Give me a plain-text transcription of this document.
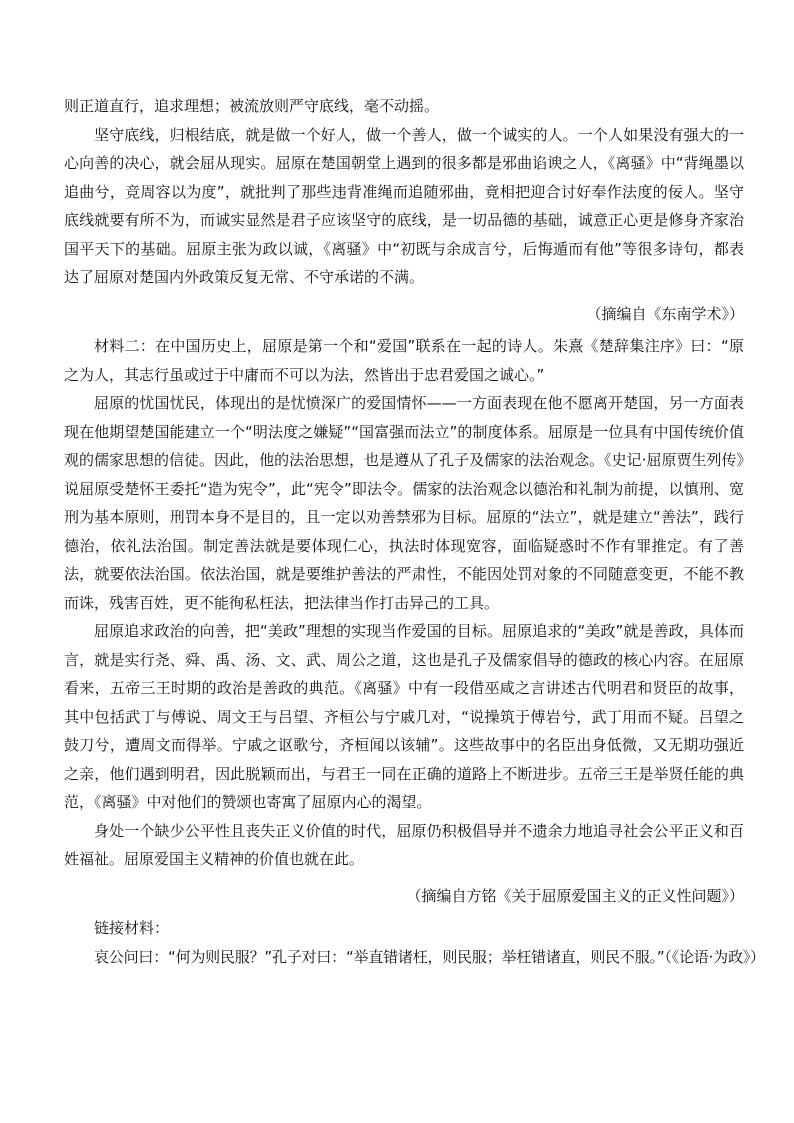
则正道直行，追求理想；被流放则严守底线，毫不动摇。

坚守底线，归根结底，就是做一个好人，做一个善人，做一个诚实的人。一个人如果没有强大的一心向善的决心，就会屈从现实。屈原在楚国朝堂上遇到的很多都是邪曲谄谀之人，《离骚》中“背绳墨以追曲兮，竞周容以为度”，就批判了那些违背准绳而追随邪曲，竟相把迎合讨好奉作法度的佞人。坚守底线就要有所不为，而诚实显然是君子应该坚守的底线，是一切品德的基础，诚意正心更是修身齐家治国平天下的基础。屈原主张为政以诚，《离骚》中“初既与余成言兮，后悔遁而有他”等很多诗句，都表达了屈原对楚国内外政策反复无常、不守承诺的不满。

（摘编自《东南学术》）

材料二：在中国历史上，屈原是第一个和“爱国”联系在一起的诗人。朱熹《楚辞集注序》曰：“原之为人，其志行虽或过于中庸而不可以为法，然皆出于忠君爱国之诚心。”

屈原的忧国忧民，体现出的是忧愤深广的爱国情怀——一方面表现在他不愿离开楚国，另一方面表现在他期望楚国能建立一个“明法度之嫌疑”“国富强而法立”的制度体系。屈原是一位具有中国传统价值观的儒家思想的信徒。因此，他的法治思想，也是遵从了孔子及儒家的法治观念。《史记·屈原贾生列传》说屈原受楚怀王委托“造为宪令”，此“宪令”即法令。儒家的法治观念以德治和礼制为前提，以慎刑、宽刑为基本原则，刑罚本身不是目的，且一定以劝善禁邪为目标。屈原的“法立”，就是建立“善法”，践行德治，依礼法治国。制定善法就是要体现仁心，执法时体现宽容，面临疑惑时不作有罪推定。有了善法，就要依法治国。依法治国，就是要维护善法的严肃性，不能因处罚对象的不同随意变更，不能不教而诛，残害百姓，更不能徇私枉法，把法律当作打击异己的工具。

屈原追求政治的向善，把“美政”理想的实现当作爱国的目标。屈原追求的“美政”就是善政，具体而言，就是实行尧、舜、禹、汤、文、武、周公之道，这也是孔子及儒家倡导的德政的核心内容。在屈原看来，五帝三王时期的政治是善政的典范。《离骚》中有一段借巫咸之言讲述古代明君和贤臣的故事，其中包括武丁与傅说、周文王与吕望、齐桓公与宁戚几对，“说操筑于傅岩兮，武丁用而不疑。吕望之鼓刀兮，遭周文而得举。宁戚之讴歌兮，齐桓闻以该辅”。这些故事中的名臣出身低微，又无期功强近之亲，他们遇到明君，因此脱颖而出，与君王一同在正确的道路上不断进步。五帝三王是举贤任能的典范，《离骚》中对他们的赞颂也寄寓了屈原内心的渴望。

身处一个缺少公平性且丧失正义价值的时代，屈原仍积极倡导并不遗余力地追寻社会公平正义和百姓福祉。屈原爱国主义精神的价值也就在此。

（摘编自方铭《关于屈原爱国主义的正义性问题》）

链接材料：

哀公问曰：“何为则民服？”孔子对曰：“举直错诸枉，则民服；举枉错诸直，则民不服。”（《论语·为政》）
